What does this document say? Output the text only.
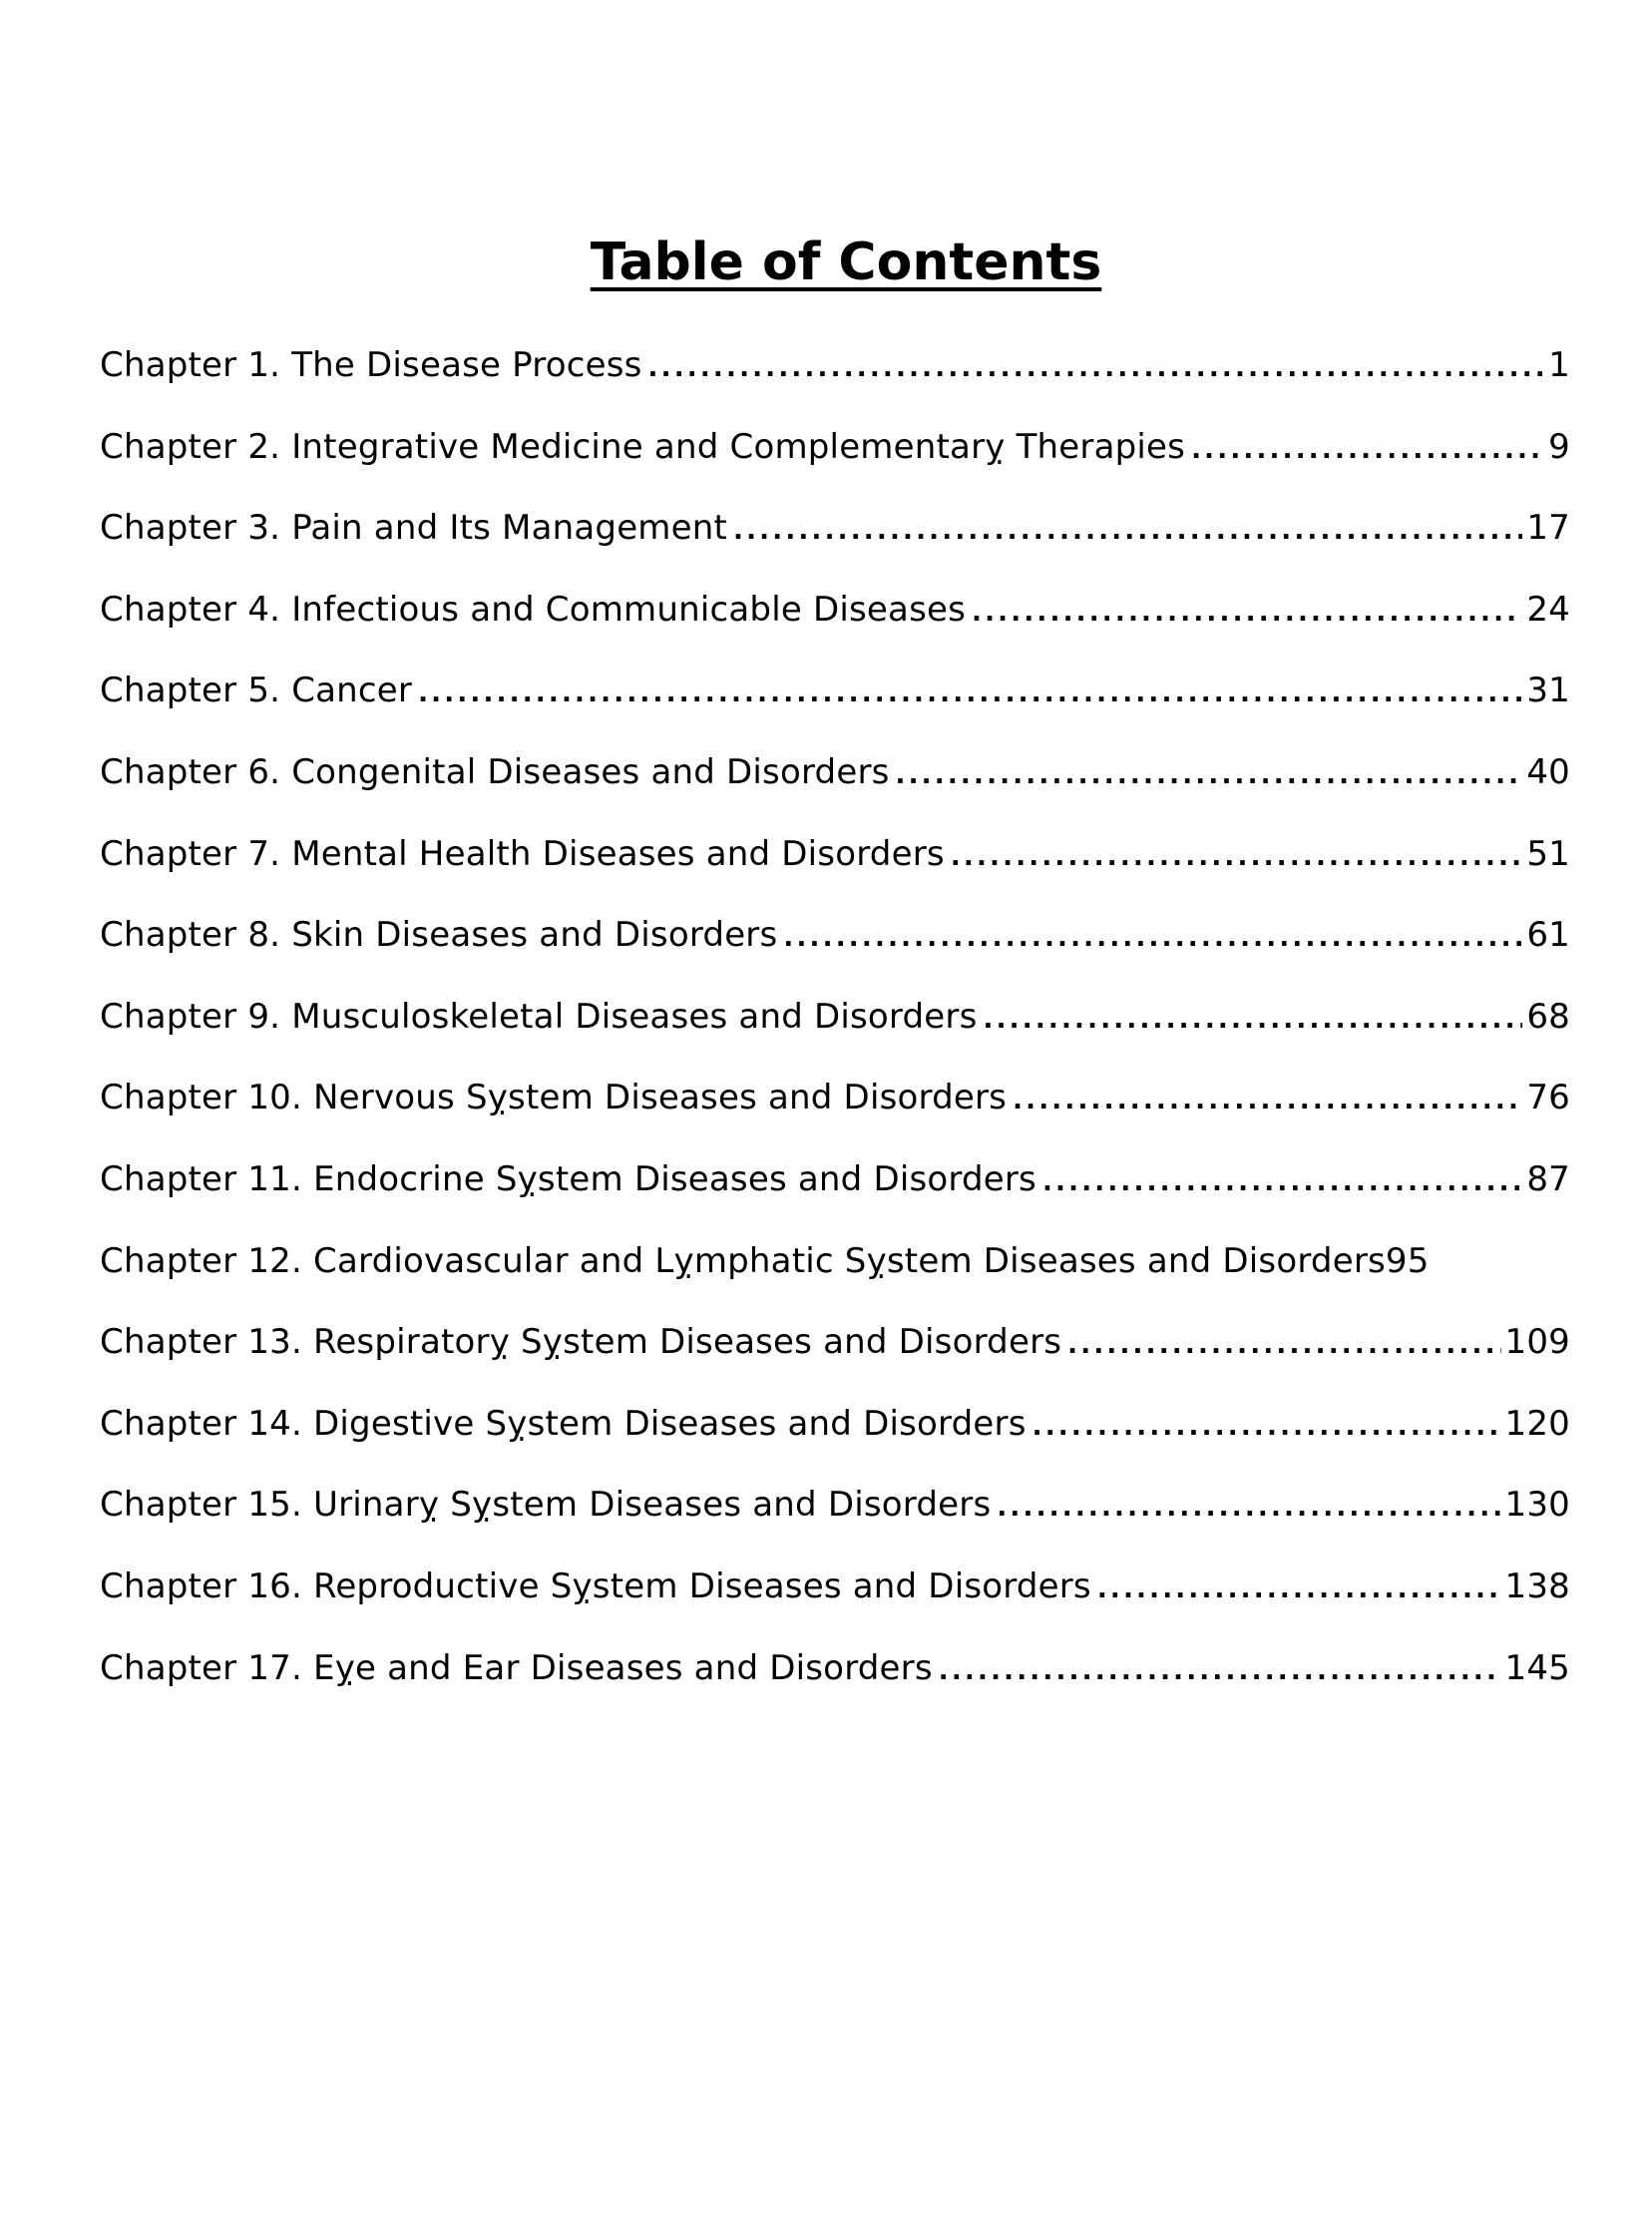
Table of Contents
Chapter 1. The Disease Process .....	1
Chapter 2. Integrative Medicine and Complementarỵ Therapies .....	9
Chapter 3. Pain and Its Management .....	17
Chapter 4. Infectious and Communicable Diseases .....	24
Chapter 5. Cancer .....	31
Chapter 6. Congenital Diseases and Disorders .....	40
Chapter 7. Mental Health Diseases and Disorders .....	51
Chapter 8. Skin Diseases and Disorders .....	61
Chapter 9. Musculoskeletal Diseases and Disorders .....	68
Chapter 10. Nervous Sỵstem Diseases and Disorders .....	76
Chapter 11. Endocrine Sỵstem Diseases and Disorders .....	87
Chapter 12. Cardiovascular and Lỵmphatic Sỵstem Diseases and Disorders 95
Chapter 13. Respiratorỵ Sỵstem Diseases and Disorders .....	109
Chapter 14. Digestive Sỵstem Diseases and Disorders .....	120
Chapter 15. Urinarỵ Sỵstem Diseases and Disorders .....	130
Chapter 16. Reproductive Sỵstem Diseases and Disorders .....	138
Chapter 17. Eỵe and Ear Diseases and Disorders .....	145
